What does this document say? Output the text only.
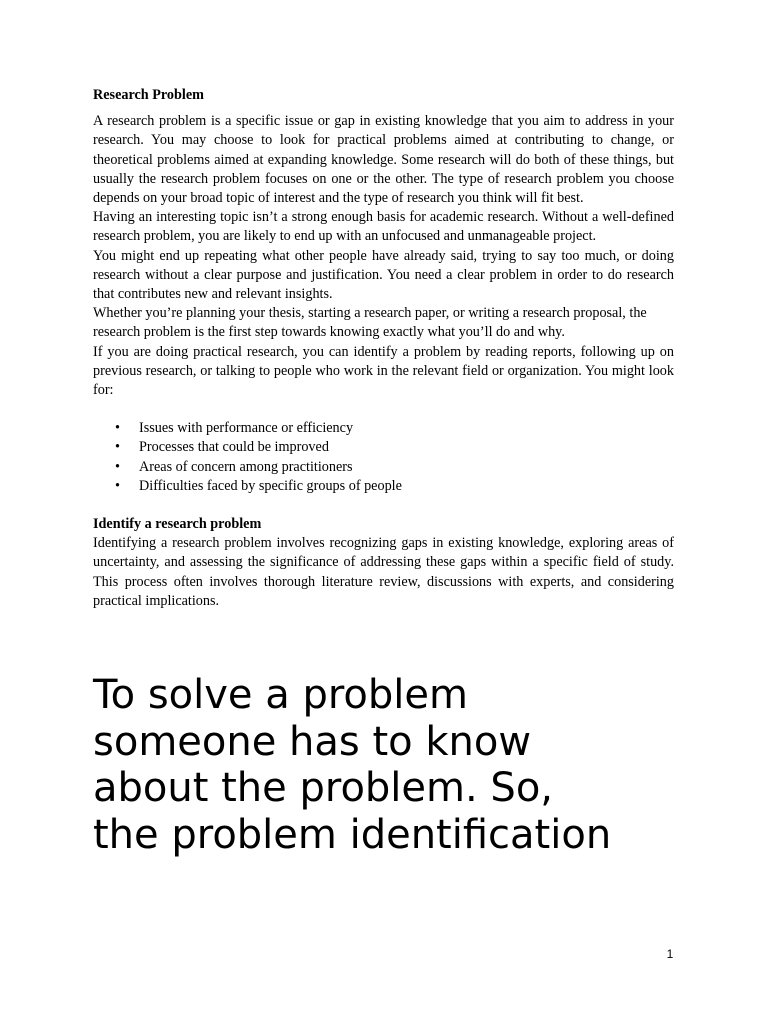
Research Problem

A research problem is a specific issue or gap in existing knowledge that you aim to address in your research. You may choose to look for practical problems aimed at contributing to change, or theoretical problems aimed at expanding knowledge. Some research will do both of these things, but usually the research problem focuses on one or the other. The type of research problem you choose depends on your broad topic of interest and the type of research you think will fit best.

Having an interesting topic isn’t a strong enough basis for academic research. Without a well-defined research problem, you are likely to end up with an unfocused and unmanageable project.

You might end up repeating what other people have already said, trying to say too much, or doing research without a clear purpose and justification. You need a clear problem in order to do research that contributes new and relevant insights.

Whether you’re planning your thesis, starting a research paper, or writing a research proposal, the research problem is the first step towards knowing exactly what you’ll do and why.

If you are doing practical research, you can identify a problem by reading reports, following up on previous research, or talking to people who work in the relevant field or organization. You might look for:

• Issues with performance or efficiency
• Processes that could be improved
• Areas of concern among practitioners
• Difficulties faced by specific groups of people

Identify a research problem

Identifying a research problem involves recognizing gaps in existing knowledge, exploring areas of uncertainty, and assessing the significance of addressing these gaps within a specific field of study. This process often involves thorough literature review, discussions with experts, and considering practical implications.

To solve a problem
someone has to know
about the problem. So,
the problem identification
1
